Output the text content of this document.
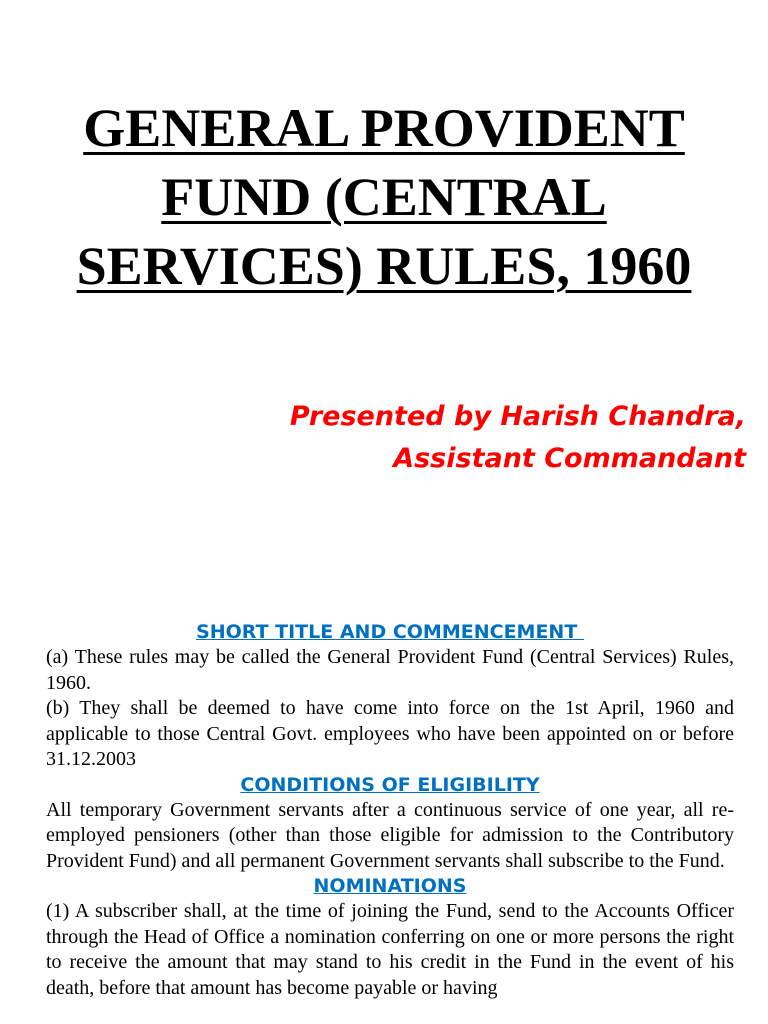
GENERAL PROVIDENT
FUND (CENTRAL
SERVICES) RULES, 1960
Presented by Harish Chandra,
Assistant Commandant
SHORT TITLE AND COMMENCEMENT

(a) These rules may be called the General Provident Fund (Central Services) Rules, 1960.

(b) They shall be deemed to have come into force on the 1st April, 1960 and applicable to those Central Govt. employees who have been appointed on or before 31.12.2003

CONDITIONS OF ELIGIBILITY

All temporary Government servants after a continuous service of one year, all re-employed pensioners (other than those eligible for admission to the Contributory Provident Fund) and all permanent Government servants shall subscribe to the Fund.

NOMINATIONS

(1) A subscriber shall, at the time of joining the Fund, send to the Accounts Officer through the Head of Office a nomination conferring on one or more persons the right to receive the amount that may stand to his credit in the Fund in the event of his death, before that amount has become payable or having
